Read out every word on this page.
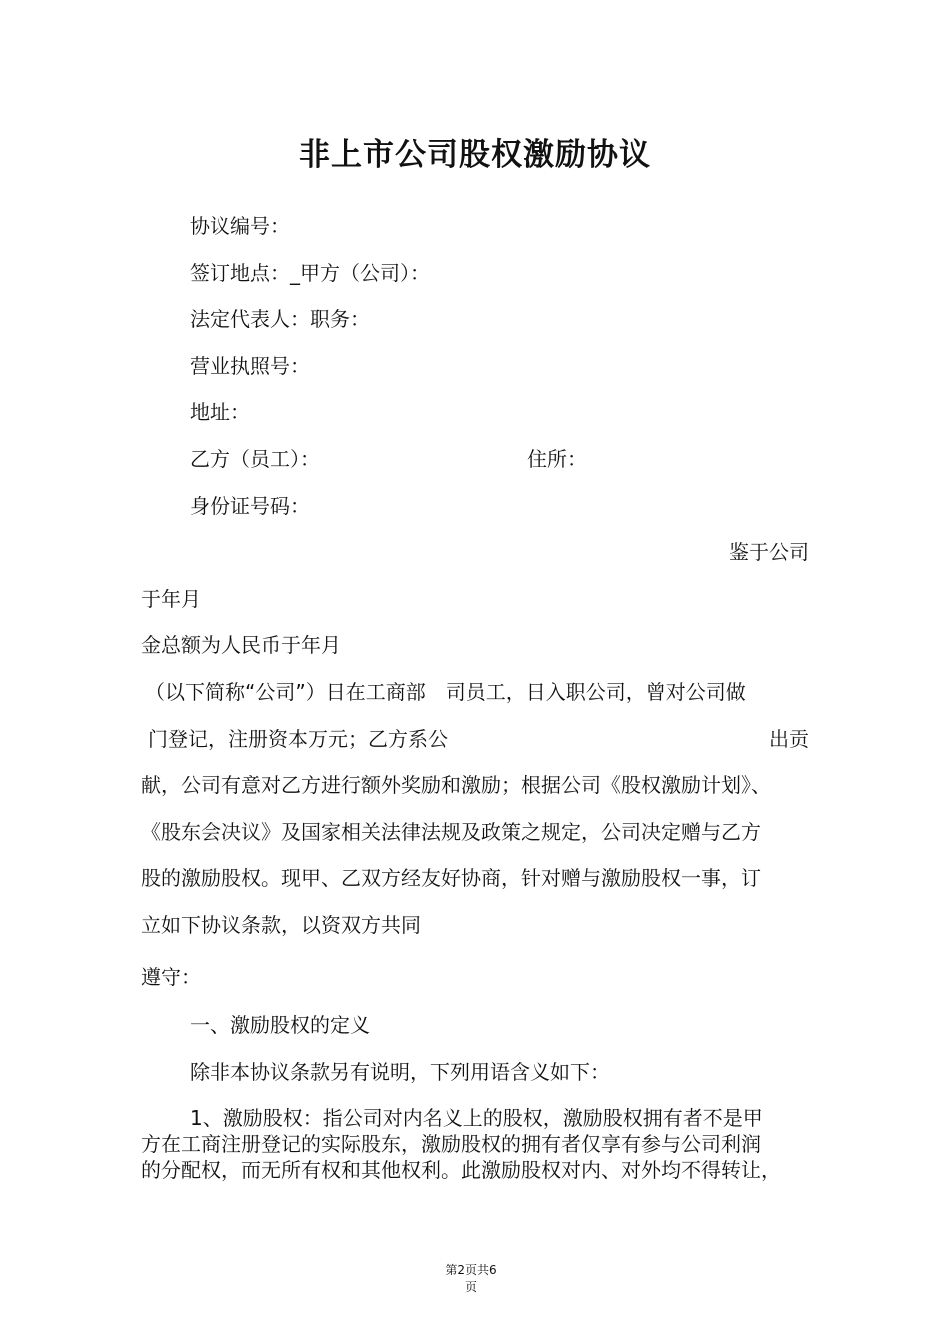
非上市公司股权激励协议
协议编号：
签订地点：_甲方（公司）：
法定代表人：职务：
营业执照号：
地址：
乙方（员工）：	住所：
身份证号码：
鉴于公司
于年月
金总额为人民币于年月
（以下简称“公司”）日在工商部　司员工，日入职公司，曾对公司做
门登记，注册资本万元；乙方系公	出贡
献，公司有意对乙方进行额外奖励和激励；根据公司《股权激励计划》、
《股东会决议》及国家相关法律法规及政策之规定，公司决定赠与乙方
股的激励股权。现甲、乙双方经友好协商，针对赠与激励股权一事，订
立如下协议条款，以资双方共同
遵守：
一、激励股权的定义
除非本协议条款另有说明，下列用语含义如下：
1、激励股权：指公司对内名义上的股权，激励股权拥有者不是甲
方在工商注册登记的实际股东，激励股权的拥有者仅享有参与公司利润
的分配权，而无所有权和其他权利。此激励股权对内、对外均不得转让，
第2页共6
页
